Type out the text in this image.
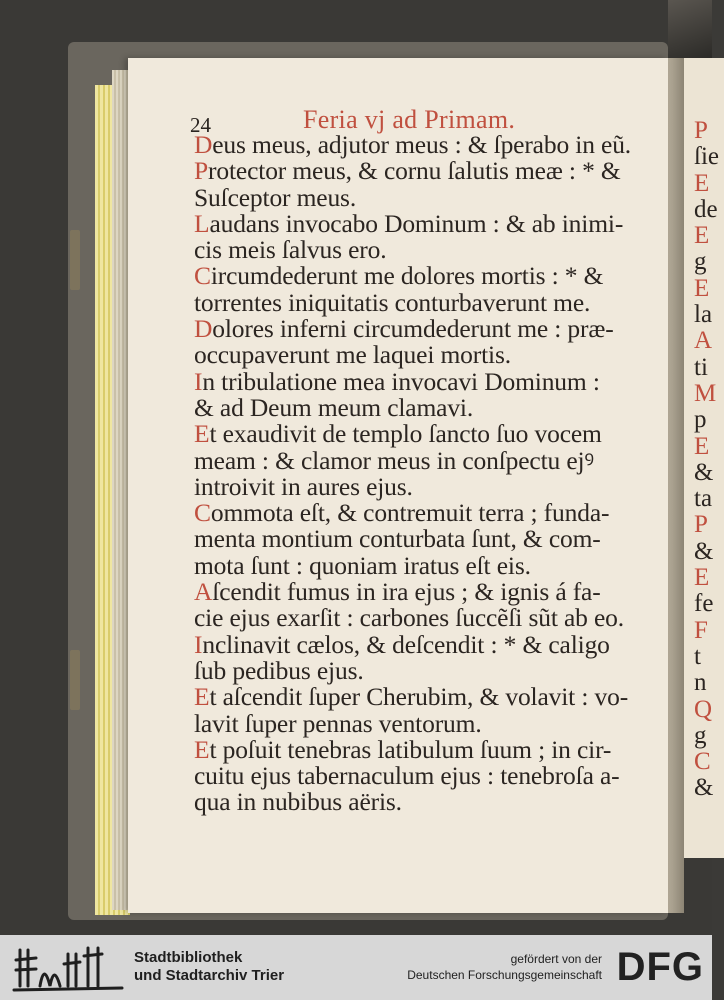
24	Feria vj ad Primam.
Deus meus, adjutor meus : & ſperabo in eũ.
Protector meus, & cornu ſalutis meæ : * &
Suſceptor meus.
Laudans invocabo Dominum : & ab inimi-
cis meis ſalvus ero.
Circumdederunt me dolores mortis : * &
torrentes iniquitatis conturbaverunt me.
Dolores inferni circumdederunt me : præ-
occupaverunt me laquei mortis.
In tribulatione mea invocavi Dominum :
& ad Deum meum clamavi.
Et exaudivit de templo ſancto ſuo vocem
meam : & clamor meus in conſpectu ejꝰ
introivit in aures ejus.
Commota eſt, & contremuit terra ; funda-
menta montium conturbata ſunt, & com-
mota ſunt : quoniam iratus eſt eis.
Aſcendit fumus in ira ejus ; & ignis á fa-
cie ejus exarſit : carbones ſuccẽſi sũt ab eo.
Inclinavit cælos, & deſcendit : * & caligo
ſub pedibus ejus.
Et aſcendit ſuper Cherubim, & volavit : vo-
lavit ſuper pennas ventorum.
Et poſuit tenebras latibulum ſuum ; in cir-
cuitu ejus tabernaculum ejus : tenebroſa a-
qua in nubibus aëris.
P
ſie
E
de
E
g
E
la
A
ti
M
p
E
&
ta
P
&
E
fe
F
t
n
Q
g
C
&
Stadtbibliothek
und Stadtarchiv Trier
gefördert von der
Deutschen Forschungsgemeinschaft DFG
